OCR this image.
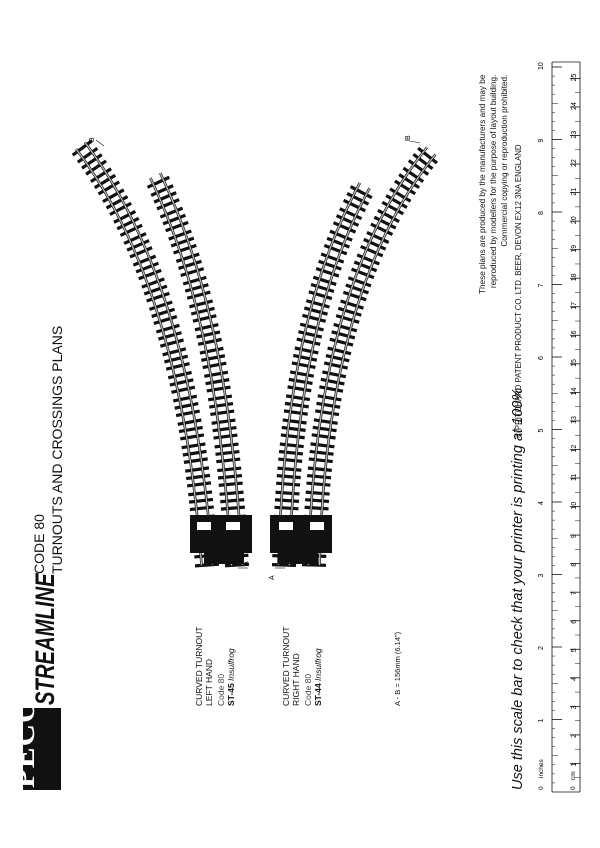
PECO
STREAMLINE
CODE 80 TURNOUTS AND CROSSINGS PLANS
CURVED TURNOUT LEFT HAND Code 80 ST-45 Insulfrog	CURVED TURNOUT RIGHT HAND Code 80 ST-44 Insulfrog	A - B = 156mm (6.14")
These plans are produced by the manufacturers and may be reproduced by modellers for the purpose of layout building. Commercial copying or reproduction prohibited. © PRITCHARD PATENT PRODUCT CO. LTD. BEER, DEVON EX12 3NA ENGLAND
Use this scale bar to check that your printer is printing at 100%
A
A
B	B
1
2
3
4
5
6
7
8
9
10
1
2
3
4
5
6
7
8
9
10
11
12
13
14
15
16
17
18
19
20
21
22
23
24
25
0
inches
0
cm
